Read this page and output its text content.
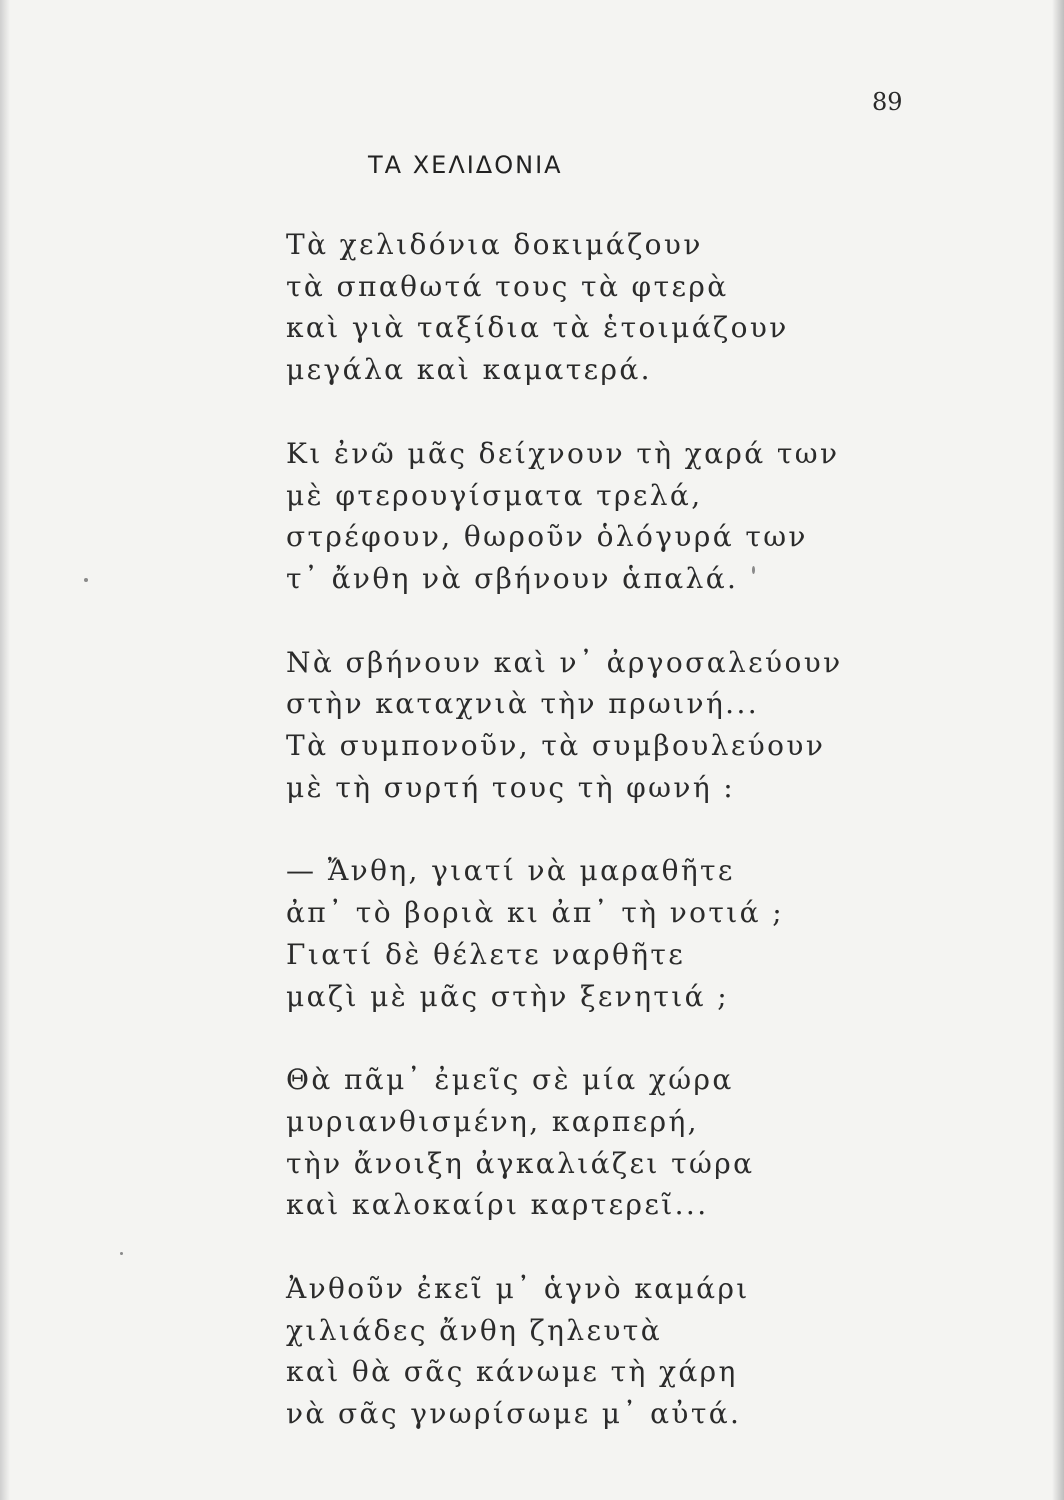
89
ΤΑ ΧΕΛΙΔΟΝΙΑ
Τὰ χελιδόνια δοκιμάζουν
τὰ σπαθωτά τους τὰ φτερὰ
καὶ γιὰ ταξίδια τὰ ἑτοιμάζουν
μεγάλα καὶ καματερά.
Κι ἐνῶ μᾶς δείχνουν τὴ χαρά των
μὲ φτερουγίσματα τρελά,
στρέφουν, θωροῦν ὁλόγυρά των
τ᾽ ἄνθη νὰ σβήνουν ἁπαλά.
Νὰ σβήνουν καὶ ν᾽ ἀργοσαλεύουν
στὴν καταχνιὰ τὴν πρωινή...
Τὰ συμπονοῦν, τὰ συμβουλεύουν
μὲ τὴ συρτή τους τὴ φωνή :
— Ἄνθη, γιατί νὰ μαραθῆτε
ἀπ᾽ τὸ βοριὰ κι ἀπ᾽ τὴ νοτιά ;
Γιατί δὲ θέλετε ναρθῆτε
μαζὶ μὲ μᾶς στὴν ξενητιά ;
Θὰ πᾶμ᾽ ἐμεῖς σὲ μία χώρα
μυριανθισμένη, καρπερή,
τὴν ἄνοιξη ἀγκαλιάζει τώρα
καὶ καλοκαίρι καρτερεῖ...
Ἀνθοῦν ἐκεῖ μ᾽ ἁγνὸ καμάρι
χιλιάδες ἄνθη ζηλευτὰ
καὶ θὰ σᾶς κάνωμε τὴ χάρη
νὰ σᾶς γνωρίσωμε μ᾽ αὐτά.
